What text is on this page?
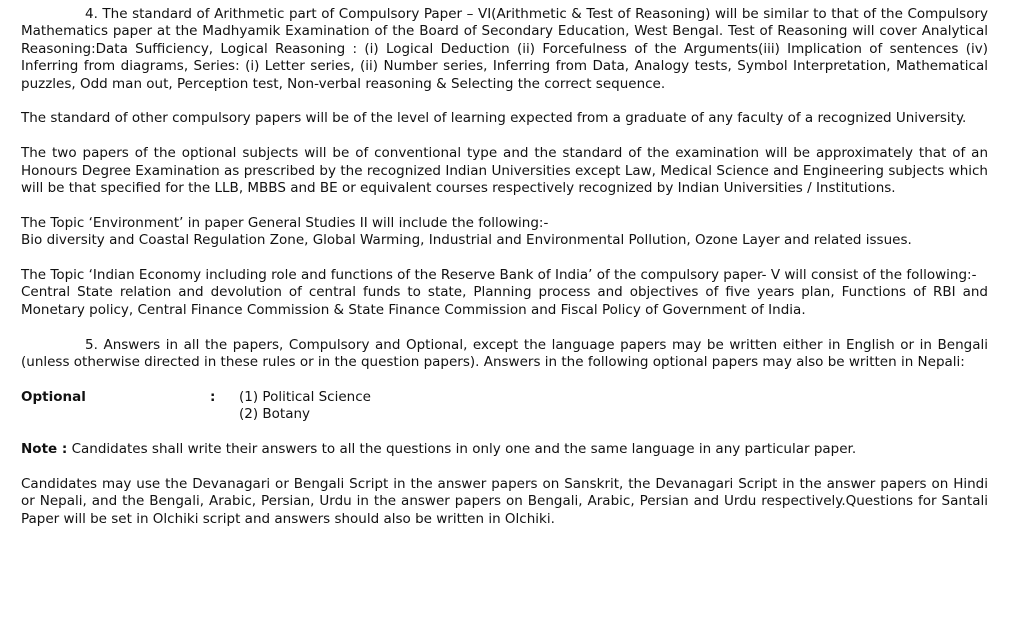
4. The standard of Arithmetic part of Compulsory Paper – VI(Arithmetic & Test of Reasoning) will be similar to that of the Compulsory Mathematics paper at the Madhyamik Examination of the Board of Secondary Education, West Bengal. Test of Reasoning will cover Analytical Reasoning:Data Sufficiency, Logical Reasoning : (i) Logical Deduction (ii) Forcefulness of the Arguments(iii) Implication of sentences (iv) Inferring from diagrams, Series: (i) Letter series, (ii) Number series, Inferring from Data, Analogy tests, Symbol Interpretation, Mathematical puzzles, Odd man out, Perception test, Non-verbal reasoning & Selecting the correct sequence.

The standard of other compulsory papers will be of the level of learning expected from a graduate of any faculty of a recognized University.

The two papers of the optional subjects will be of conventional type and the standard of the examination will be approximately that of an Honours Degree Examination as prescribed by the recognized Indian Universities except Law, Medical Science and Engineering subjects which will be that specified for the LLB, MBBS and BE or equivalent courses respectively recognized by Indian Universities / Institutions.

The Topic ‘Environment’ in paper General Studies II will include the following:-

Bio diversity and Coastal Regulation Zone, Global Warming, Industrial and Environmental Pollution, Ozone Layer and related issues.

The Topic ‘Indian Economy including role and functions of the Reserve Bank of India’ of the compulsory paper- V will consist of the following:-

Central State relation and devolution of central funds to state, Planning process and objectives of five years plan, Functions of RBI and Monetary policy, Central Finance Commission & State Finance Commission and Fiscal Policy of Government of India.

5. Answers in all the papers, Compulsory and Optional, except the language papers may be written either in English or in Bengali (unless otherwise directed in these rules or in the question papers). Answers in the following optional papers may also be written in Nepali:

Optional	:	(1) Political Science
(2) Botany

Note : Candidates shall write their answers to all the questions in only one and the same language in any particular paper.

Candidates may use the Devanagari or Bengali Script in the answer papers on Sanskrit, the Devanagari Script in the answer papers on Hindi or Nepali, and the Bengali, Arabic, Persian, Urdu in the answer papers on Bengali, Arabic, Persian and Urdu respectively.Questions for Santali Paper will be set in Olchiki script and answers should also be written in Olchiki.
